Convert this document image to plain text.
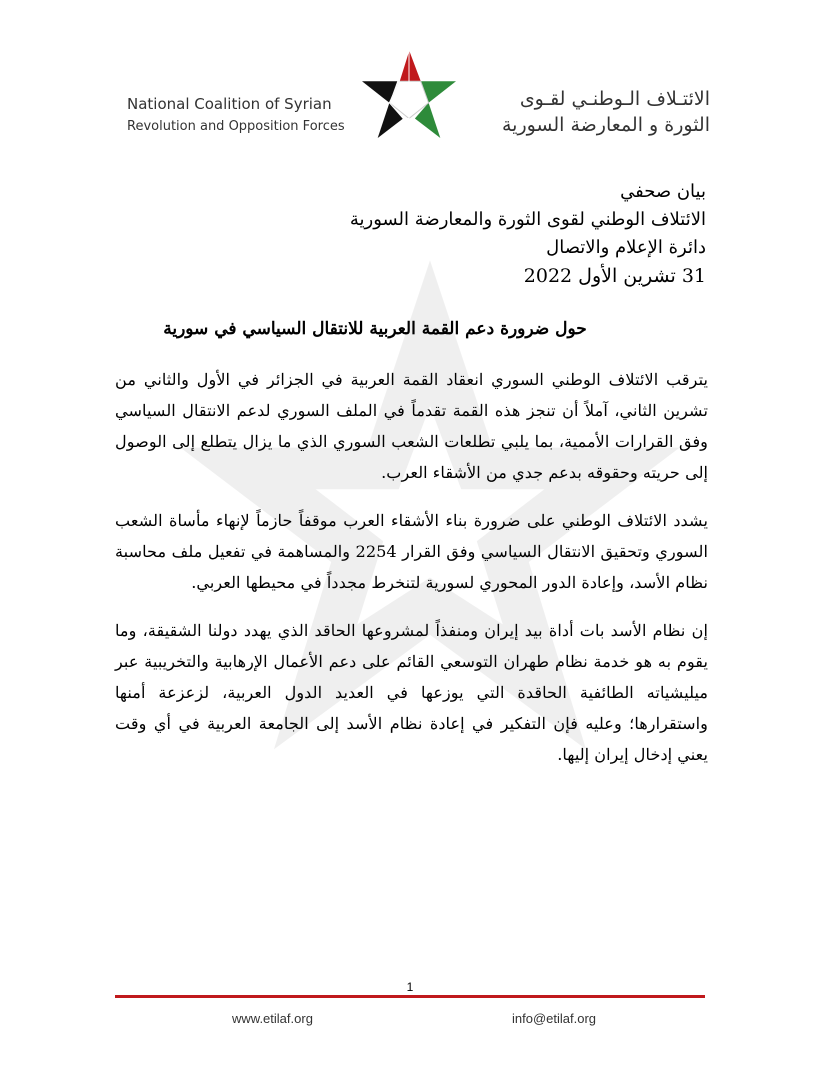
National Coalition of Syrian
Revolution and Opposition Forces
الائتـلاف الـوطنـي لقـوى
الثورة و المعارضة السورية
بيان صحفي
الائتلاف الوطني لقوى الثورة والمعارضة السورية
دائرة الإعلام والاتصال
31 تشرين الأول 2022
حول ضرورة دعم القمة العربية للانتقال السياسي في سورية

يترقب الائتلاف الوطني السوري انعقاد القمة العربية في الجزائر في الأول والثاني من تشرين الثاني، آملاً أن تنجز هذه القمة تقدماً في الملف السوري لدعم الانتقال السياسي وفق القرارات الأممية، بما يلبي تطلعات الشعب السوري الذي ما يزال يتطلع إلى الوصول إلى حريته وحقوقه بدعم جدي من الأشقاء العرب.

يشدد الائتلاف الوطني على ضرورة بناء الأشقاء العرب موقفاً حازماً لإنهاء مأساة الشعب السوري وتحقيق الانتقال السياسي وفق القرار 2254 والمساهمة في تفعيل ملف محاسبة نظام الأسد، وإعادة الدور المحوري لسورية لتنخرط مجدداً في محيطها العربي.

إن نظام الأسد بات أداة بيد إيران ومنفذاً لمشروعها الحاقد الذي يهدد دولنا الشقيقة، وما يقوم به هو خدمة نظام طهران التوسعي القائم على دعم الأعمال الإرهابية والتخريبية عبر ميليشياته الطائفية الحاقدة التي يوزعها في العديد الدول العربية، لزعزعة أمنها واستقرارها؛ وعليه فإن التفكير في إعادة نظام الأسد إلى الجامعة العربية في أي وقت يعني إدخال إيران إليها.

1
www.etilaf.org	info@etilaf.org
